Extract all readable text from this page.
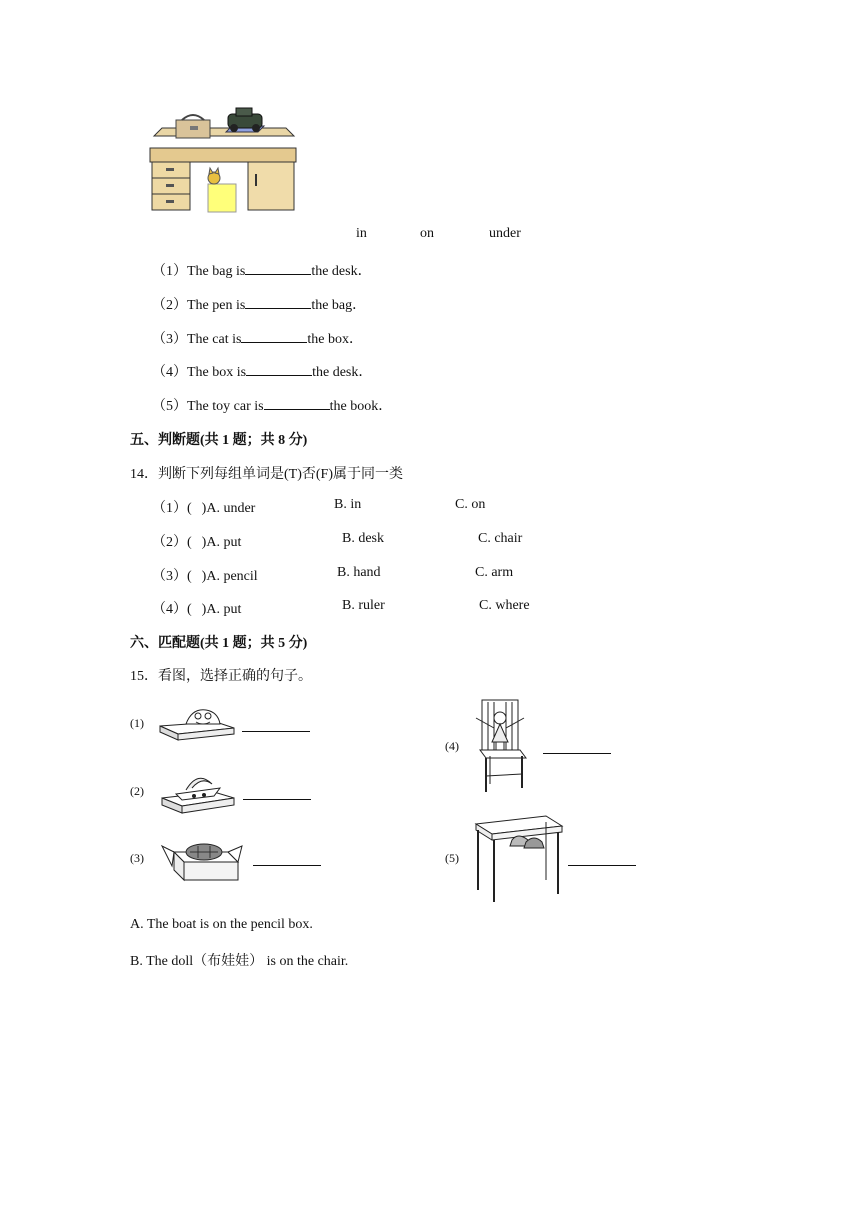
in	on	under
（1）The bag is	the desk．
（2）The pen is	the bag．
（3）The cat is	the box．
（4）The box is	the desk．
（5）The toy car is	the book．
五、判断题(共 1 题；共 8 分)
14．判断下列每组单词是(T)否(F)属于同一类
（1）( )A. under	B. in	C. on
（2）( )A. put	B. desk	C. chair
（3）( )A. pencil	B. hand	C. arm
（4）( )A. put	B. ruler	C. where
六、匹配题(共 1 题；共 5 分)
15．看图，选择正确的句子。
(1)
(2)
(3)
(4)
(5)
A. The boat is on the pencil box.
B. The doll（布娃娃） is on the chair.
